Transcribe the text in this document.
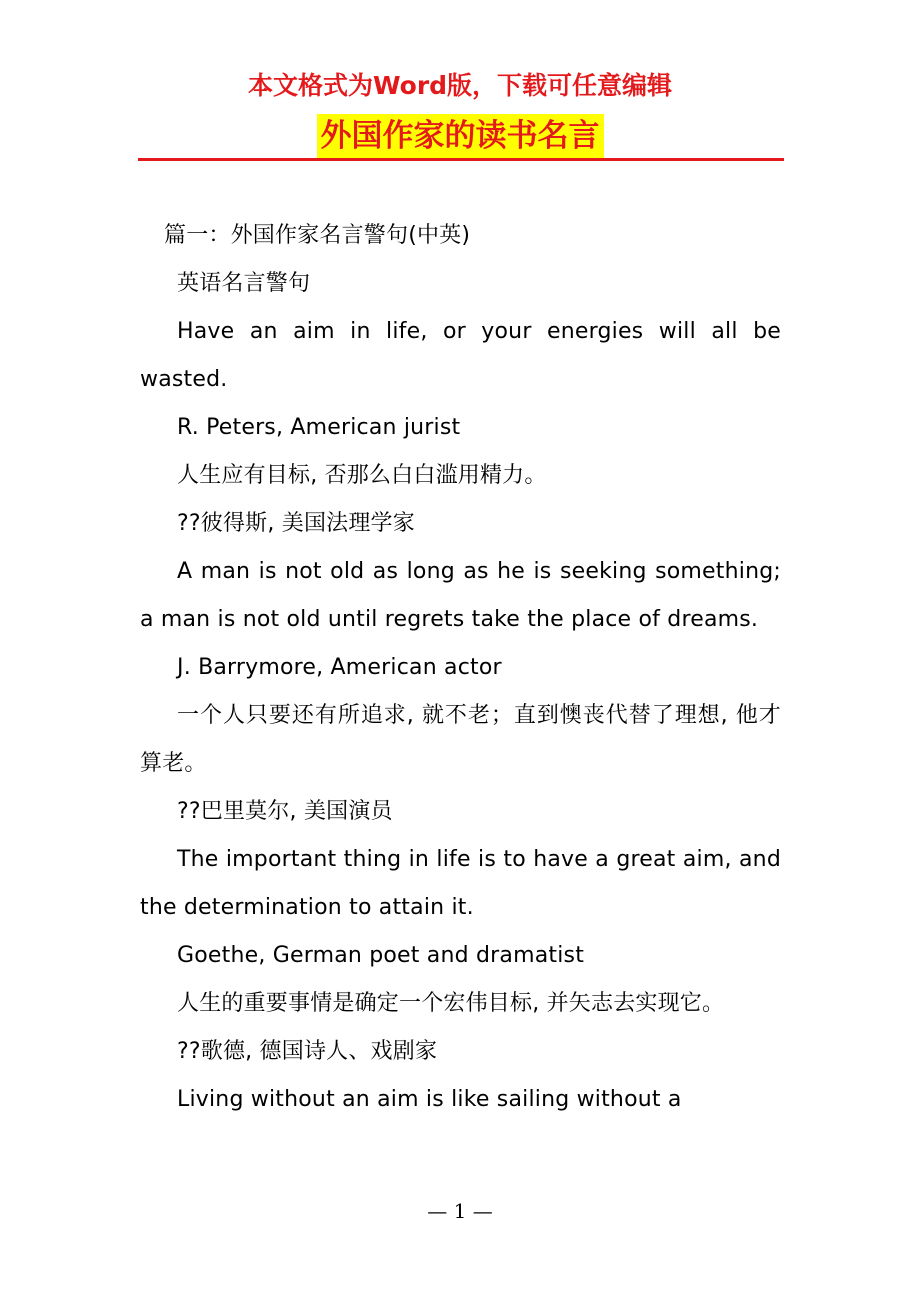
本文格式为Word版，下载可任意编辑
外国作家的读书名言

篇一：外国作家名言警句(中英)

英语名言警句

Have an aim in life, or your energies will all be wasted.

R. Peters, American jurist

人生应有目标, 否那么白白滥用精力。

??彼得斯, 美国法理学家

A man is not old as long as he is seeking something; a man is not old until regrets take the place of dreams.

J. Barrymore, American actor

一个人只要还有所追求, 就不老；直到懊丧代替了理想, 他才算老。

??巴里莫尔, 美国演员

The important thing in life is to have a great aim, and the determination to attain it.

Goethe, German poet and dramatist

人生的重要事情是确定一个宏伟目标, 并矢志去实现它。

??歌德, 德国诗人、戏剧家

Living without an aim is like sailing without a

— 1 —
